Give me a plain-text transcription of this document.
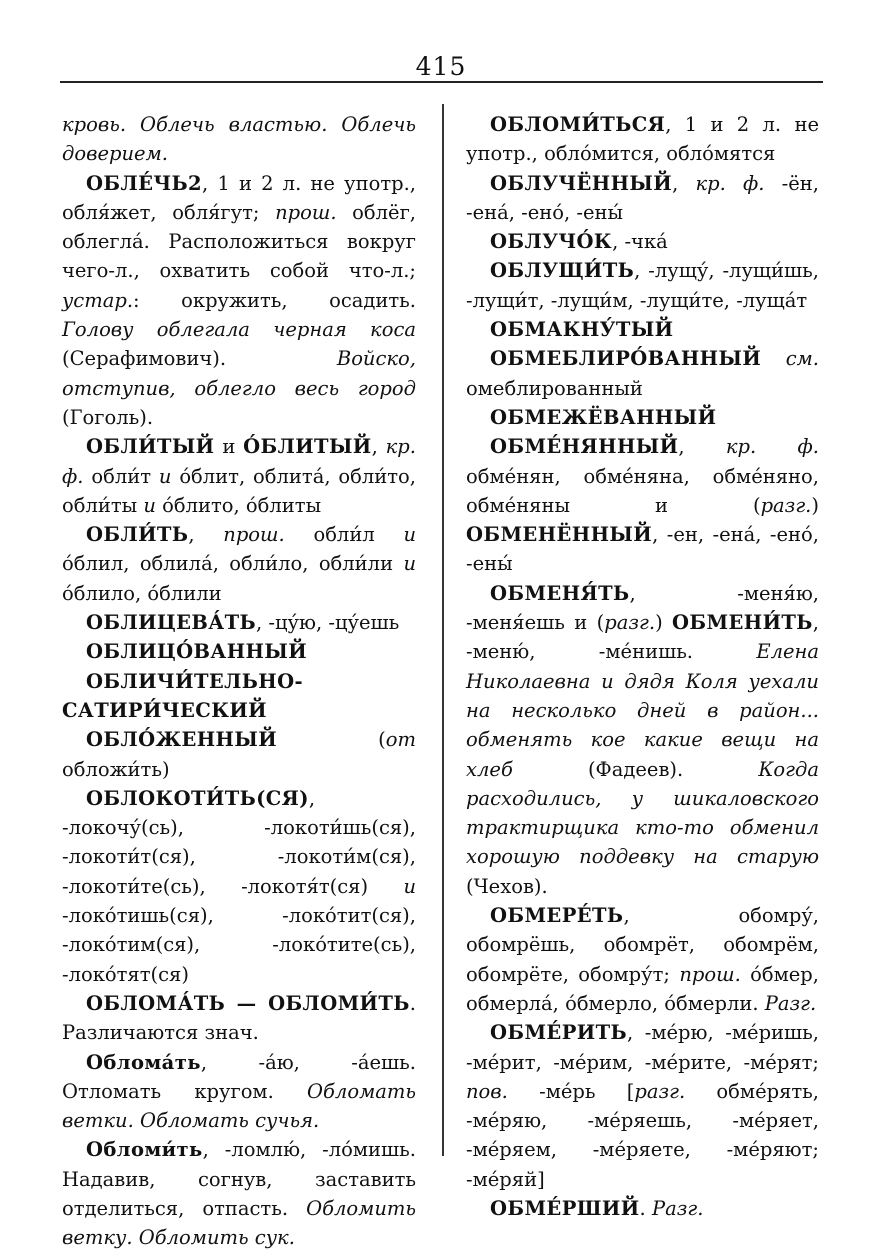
415

кровь. Облечь властью. Облечь доверием.

ОБЛЕ́ЧЬ2, 1 и 2 л. не употр., обля́жет, обля́гут; прош. облёг, облегла́. Расположиться вокруг чего-л., охватить собой что-л.; устар.: окружить, осадить. Голову облегала черная коса (Серафимович). Войско, отступив, облегло весь город (Гоголь).

ОБЛИ́ТЫЙ и О́БЛИТЫЙ, кр. ф. обли́т и о́блит, облита́, обли́то, обли́ты и о́блито, о́блиты

ОБЛИ́ТЬ, прош. обли́л и о́блил, облила́, обли́ло, обли́ли и о́блило, о́блили

ОБЛИЦЕВА́ТЬ, -цу́ю, -цу́ешь

ОБЛИЦО́ВАННЫЙ

ОБЛИЧИ́ТЕЛЬНО-САТИРИ́ЧЕСКИЙ

ОБЛО́ЖЕННЫЙ (от обложи́ть)

ОБЛОКОТИ́ТЬ(СЯ), -локочу́(сь), -локоти́шь(ся), -локоти́т(ся), -локоти́м(ся), -локоти́те(сь), -локотя́т(ся) и -локо́тишь(ся), -локо́тит(ся), -локо́тим(ся), -локо́тите(сь), -локо́тят(ся)

ОБЛОМА́ТЬ — ОБЛОМИ́ТЬ. Различаются знач.

Облома́ть, -а́ю, -а́ешь. Отломать кругом. Обломать ветки. Обломать сучья.

Обломи́ть, -ломлю́, -ло́мишь. Надавив, согнув, заставить отделиться, отпасть. Обломить ветку. Обломить сук.

ОБЛОМИ́ТЬСЯ, 1 и 2 л. не употр., обло́мится, обло́мятся

ОБЛУЧЁННЫЙ, кр. ф. -ён, -ена́, -ено́, -ены́

ОБЛУЧО́К, -чка́

ОБЛУЩИ́ТЬ, -лущу́, -лущи́шь, -лущи́т, -лущи́м, -лущи́те, -луща́т

ОБМАКНУ́ТЫЙ

ОБМЕБЛИРО́ВАННЫЙ см. омеблированный

ОБМЕЖЁВАННЫЙ

ОБМЕ́НЯННЫЙ, кр. ф. обме́нян, обме́нянa, обме́няно, обме́няны и (разг.) ОБМЕНЁННЫЙ, -ен, -ена́, -ено́, -ены́

ОБМЕНЯ́ТЬ, -меня́ю, -меня́ешь и (разг.) ОБМЕНИ́ТЬ, -меню́, -ме́нишь. Елена Николаевна и дядя Коля уехали на несколько дней в район... обменять кое какие вещи на хлеб (Фадеев). Когда расходились, у шикаловского трактирщика кто-то обменил хорошую поддевку на старую (Чехов).

ОБМЕРЕ́ТЬ, обомру́, обомрёшь, обомрёт, обомрём, обомрёте, обомру́т; прош. о́бмер, обмерла́, о́бмерло, о́бмерли. Разг.

ОБМЕ́РИТЬ, -ме́рю, -ме́ришь, -ме́рит, -ме́рим, -ме́рите, -ме́рят; пов. -ме́рь [разг. обме́рять, -ме́ряю, -ме́ряешь, -ме́ряет, -ме́ряем, -ме́ряете, -ме́ряют; -ме́ряй]

ОБМЕ́РШИЙ. Разг.
